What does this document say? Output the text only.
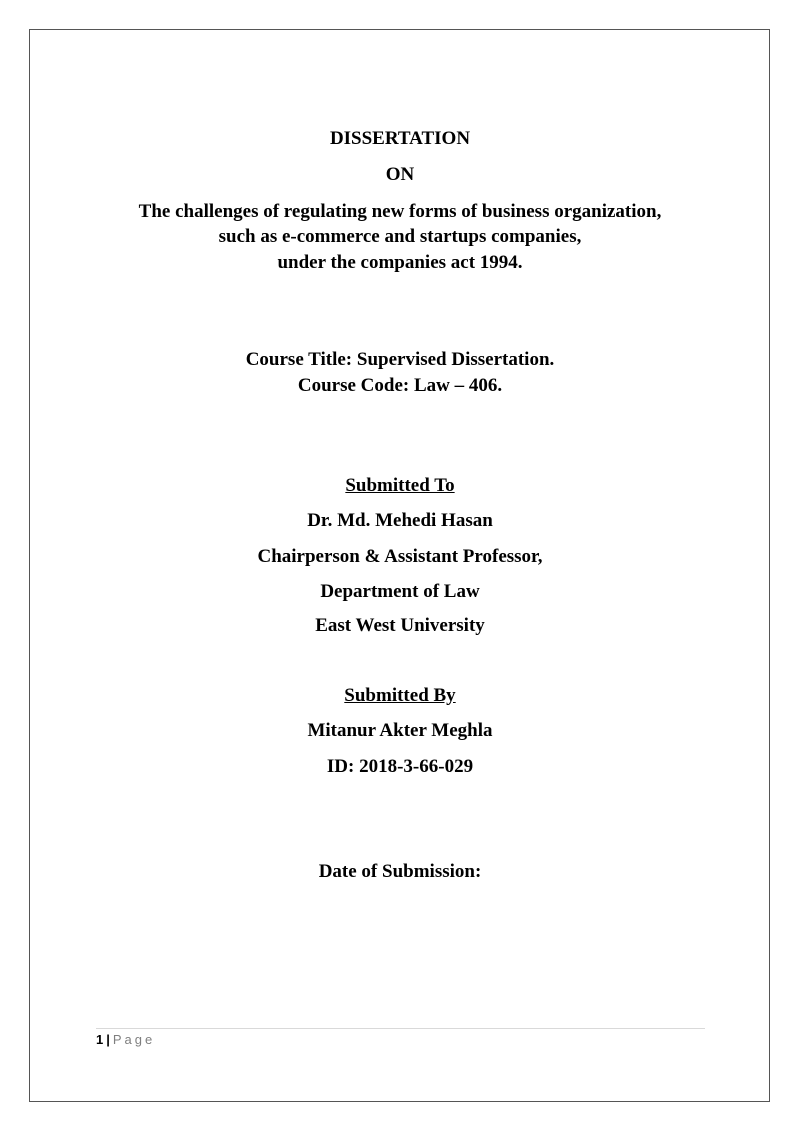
DISSERTATION
ON
The challenges of regulating new forms of business organization,
such as e-commerce and startups companies,
under the companies act 1994.
Course Title: Supervised Dissertation.
Course Code: Law – 406.
Submitted To
Dr. Md. Mehedi Hasan
Chairperson & Assistant Professor,
Department of Law
East West University
Submitted By
Mitanur Akter Meghla
ID: 2018-3-66-029
Date of Submission:
1 | Page
